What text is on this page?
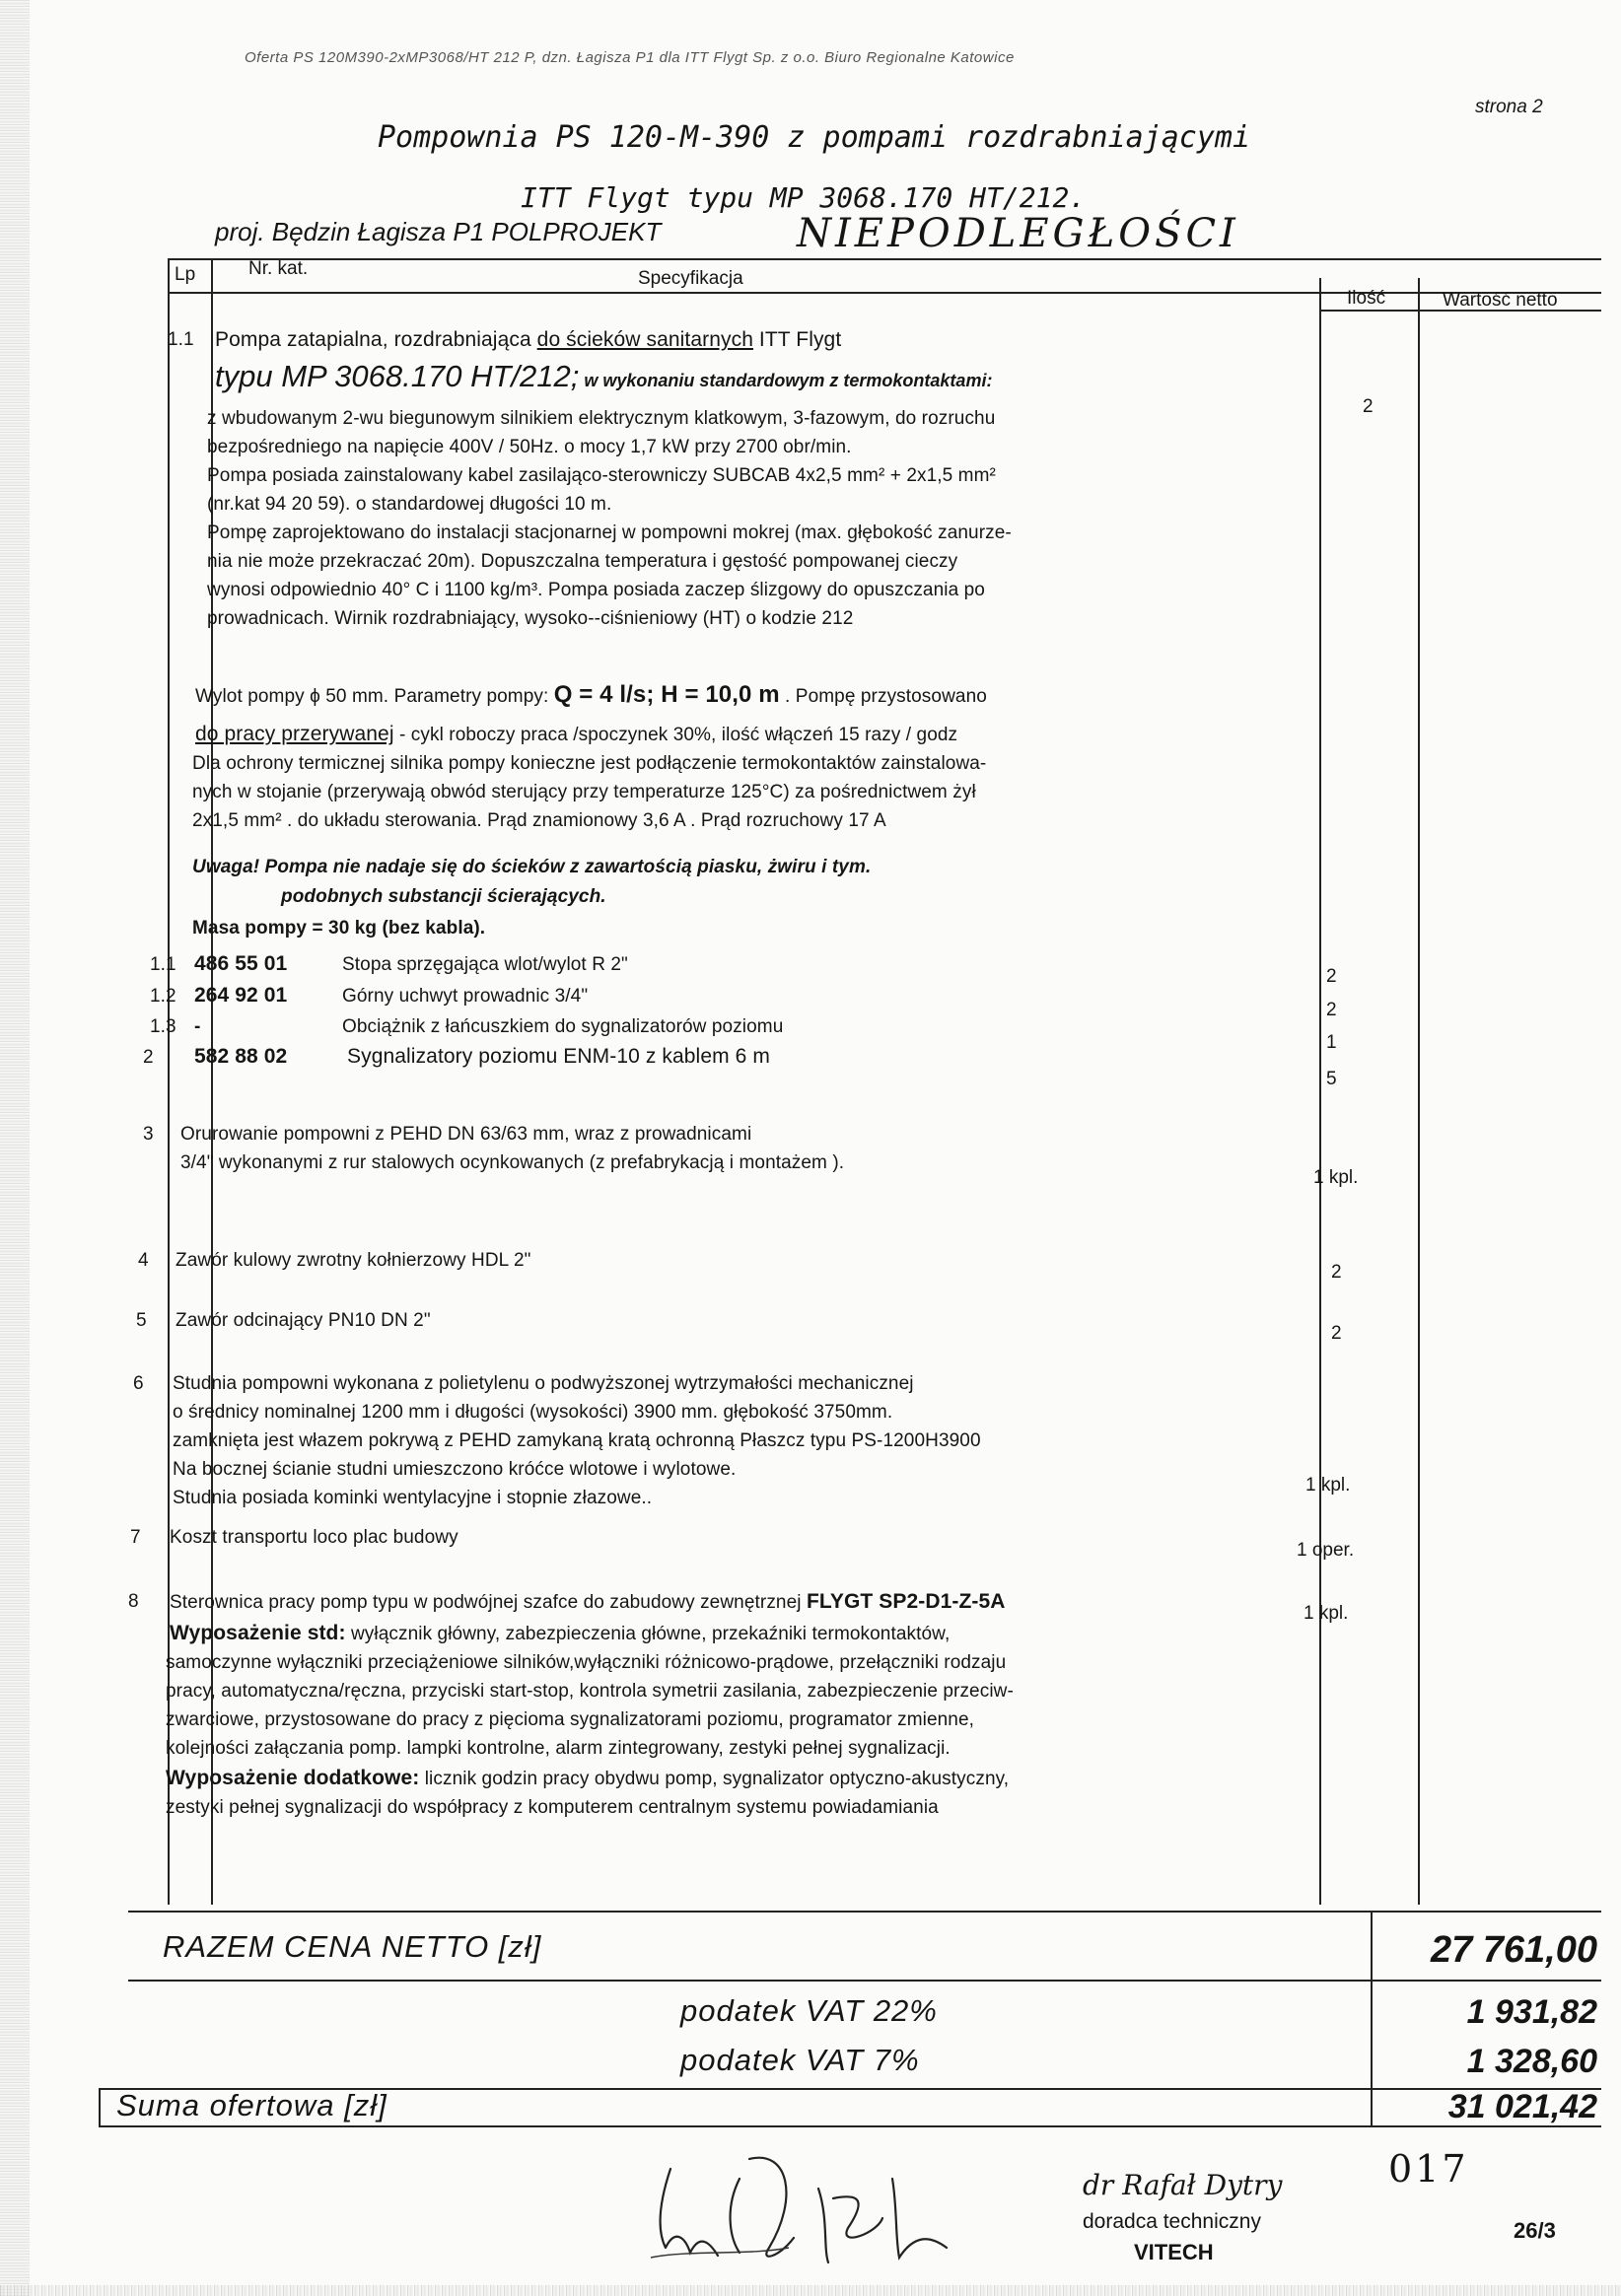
Oferta PS 120M390-2xMP3068/HT 212 P, dzn. Łagisza P1 dla ITT Flygt Sp. z o.o. Biuro Regionalne Katowice
strona 2
Pompownia PS 120-M-390 z pompami rozdrabniającymi
ITT Flygt typu MP 3068.170 HT/212.
proj. Będzin Łagisza P1 POLPROJEKT	NIEPODLEGŁOŚCI
Lp	Nr. kat.	Specyfikacja
Ilość	Wartość netto
1.1 Pompa zatapialna, rozdrabniająca do ścieków sanitarnych ITT Flygt
typu MP 3068.170 HT/212; w wykonaniu standardowym z termokontaktami:
2
z wbudowanym 2-wu biegunowym silnikiem elektrycznym klatkowym, 3-fazowym, do rozruchu
bezpośredniego na napięcie 400V / 50Hz. o mocy 1,7 kW przy 2700 obr/min.
Pompa posiada zainstalowany kabel zasilająco-sterowniczy SUBCAB 4x2,5 mm² + 2x1,5 mm²
(nr.kat 94 20 59). o standardowej długości 10 m.
Pompę zaprojektowano do instalacji stacjonarnej w pompowni mokrej (max. głębokość zanurze-
nia nie może przekraczać 20m). Dopuszczalna temperatura i gęstość pompowanej cieczy
wynosi odpowiednio 40° C i 1100 kg/m³. Pompa posiada zaczep ślizgowy do opuszczania po
prowadnicach. Wirnik rozdrabniający, wysoko--ciśnieniowy (HT) o kodzie 212
Wylot pompy ϕ 50 mm. Parametry pompy: Q = 4 l/s; H = 10,0 m . Pompę przystosowano
do pracy przerywanej - cykl roboczy praca /spoczynek 30%, ilość włączeń 15 razy / godz
Dla ochrony termicznej silnika pompy konieczne jest podłączenie termokontaktów zainstalowa-
nych w stojanie (przerywają obwód sterujący przy temperaturze 125°C) za pośrednictwem żył
2x1,5 mm² . do układu sterowania. Prąd znamionowy 3,6 A . Prąd rozruchowy 17 A
Uwaga! Pompa nie nadaje się do ścieków z zawartością piasku, żwiru i tym.
podobnych substancji ścierających.
Masa pompy = 30 kg (bez kabla).
1.1 486 55 01	Stopa sprzęgająca wlot/wylot R 2"
2
1.2 264 92 01	Górny uchwyt prowadnic 3/4"
2
1.3 -	Obciążnik z łańcuszkiem do sygnalizatorów poziomu
1
2 582 88 02	Sygnalizatory poziomu ENM-10 z kablem 6 m
5
3 Orurowanie pompowni z PEHD DN 63/63 mm, wraz z prowadnicami
3/4" wykonanymi z rur stalowych ocynkowanych (z prefabrykacją i montażem ).
1 kpl.
4 Zawór kulowy zwrotny kołnierzowy HDL 2"
2
5 Zawór odcinający PN10 DN 2"
2
6 Studnia pompowni wykonana z polietylenu o podwyższonej wytrzymałości mechanicznej
o średnicy nominalnej 1200 mm i długości (wysokości) 3900 mm. głębokość 3750mm.
zamknięta jest włazem pokrywą z PEHD zamykaną kratą ochronną Płaszcz typu PS-1200H3900
Na bocznej ścianie studni umieszczono króćce wlotowe i wylotowe.
Studnia posiada kominki wentylacyjne i stopnie złazowe..
1 kpl.
7 Koszt transportu loco plac budowy
1 oper.
8 Sterownica pracy pomp typu w podwójnej szafce do zabudowy zewnętrznej FLYGT SP2-D1-Z-5A
1 kpl.
Wyposażenie std: wyłącznik główny, zabezpieczenia główne, przekaźniki termokontaktów,
samoczynne wyłączniki przeciążeniowe silników,wyłączniki różnicowo-prądowe, przełączniki rodzaju
pracy, automatyczna/ręczna, przyciski start-stop, kontrola symetrii zasilania, zabezpieczenie przeciw-
zwarciowe, przystosowane do pracy z pięcioma sygnalizatorami poziomu, programator zmienne,
kolejności załączania pomp. lampki kontrolne, alarm zintegrowany, zestyki pełnej sygnalizacji.
Wyposażenie dodatkowe: licznik godzin pracy obydwu pomp, sygnalizator optyczno-akustyczny,
zestyki pełnej sygnalizacji do współpracy z komputerem centralnym systemu powiadamiania
RAZEM CENA NETTO [zł]	27 761,00
podatek VAT 22%	1 931,82
podatek VAT 7%	1 328,60
Suma ofertowa [zł]	31 021,42
dr Rafał Dytry
doradca techniczny
VITECH
017
26/3
